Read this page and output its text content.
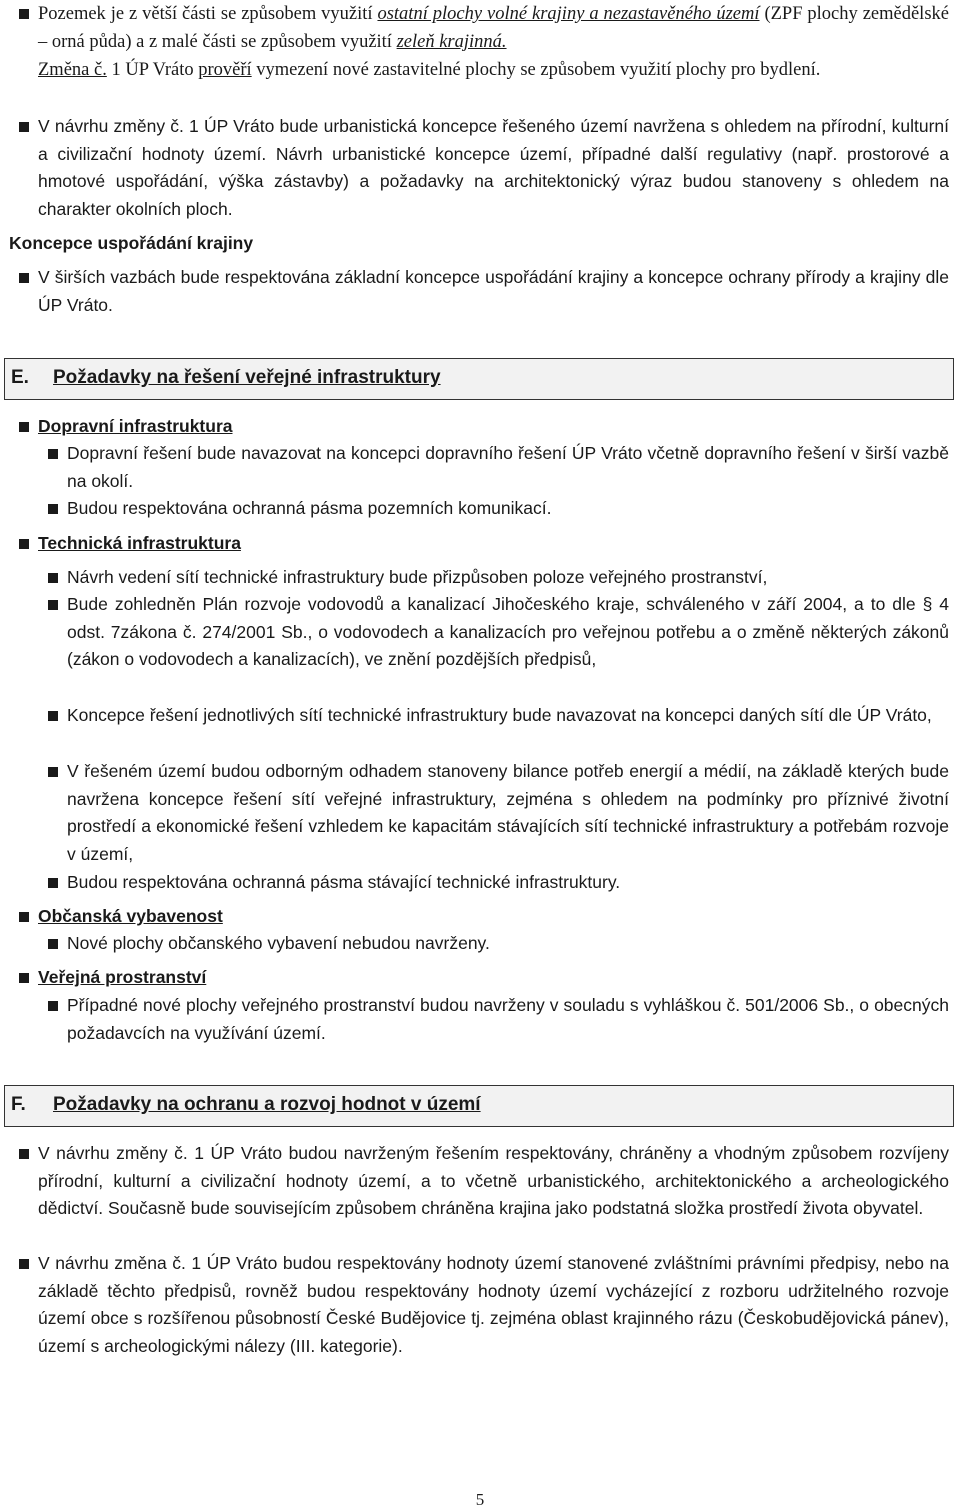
Pozemek je z větší části se způsobem využití ostatní plochy volné krajiny a nezastavěného území (ZPF plochy zemědělské – orná půda) a z malé části se způsobem využití zeleň krajinná.
Změna č. 1 ÚP Vráto prověří vymezení nové zastavitelné plochy se způsobem využití plochy pro bydlení.
V návrhu změny č. 1 ÚP Vráto bude urbanistická koncepce řešeného území navržena s ohledem na přírodní, kulturní a civilizační hodnoty území. Návrh urbanistické koncepce území, případné další regulativy (např. prostorové a hmotové uspořádání, výška zástavby) a požadavky na architektonický výraz budou stanoveny s ohledem na charakter okolních ploch.
Koncepce uspořádání krajiny
V širších vazbách bude respektována základní koncepce uspořádání krajiny a koncepce ochrany přírody a krajiny dle ÚP Vráto.
E. Požadavky na řešení veřejné infrastruktury
Dopravní infrastruktura
Dopravní řešení bude navazovat na koncepci dopravního řešení ÚP Vráto včetně dopravního řešení v širší vazbě na okolí.
Budou respektována ochranná pásma pozemních komunikací.
Technická infrastruktura
Návrh vedení sítí technické infrastruktury bude přizpůsoben poloze veřejného prostranství,
Bude zohledněn Plán rozvoje vodovodů a kanalizací Jihočeského kraje, schváleného v září 2004, a to dle § 4 odst. 7zákona č. 274/2001 Sb., o vodovodech a kanalizacích pro veřejnou potřebu a o změně některých zákonů (zákon o vodovodech a kanalizacích), ve znění pozdějších předpisů,
Koncepce řešení jednotlivých sítí technické infrastruktury bude navazovat na koncepci daných sítí dle ÚP Vráto,
V řešeném území budou odborným odhadem stanoveny bilance potřeb energií a médií, na základě kterých bude navržena koncepce řešení sítí veřejné infrastruktury, zejména s ohledem na podmínky pro příznivé životní prostředí a ekonomické řešení vzhledem ke kapacitám stávajících sítí technické infrastruktury a potřebám rozvoje v území,
Budou respektována ochranná pásma stávající technické infrastruktury.
Občanská vybavenost
Nové plochy občanského vybavení nebudou navrženy.
Veřejná prostranství
Případné nové plochy veřejného prostranství budou navrženy v souladu s vyhláškou č. 501/2006 Sb., o obecných požadavcích na využívání území.
F. Požadavky na ochranu a rozvoj hodnot v území
V návrhu změny č. 1 ÚP Vráto budou navrženým řešením respektovány, chráněny a vhodným způsobem rozvíjeny přírodní, kulturní a civilizační hodnoty území, a to včetně urbanistického, architektonického a archeologického dědictví. Současně bude souvisejícím způsobem chráněna krajina jako podstatná složka prostředí života obyvatel.
V návrhu změna č. 1 ÚP Vráto budou respektovány hodnoty území stanovené zvláštními právními předpisy, nebo na základě těchto předpisů, rovněž budou respektovány hodnoty území vycházející z rozboru udržitelného rozvoje území obce s rozšířenou působností České Budějovice tj. zejména oblast krajinného rázu (Českobudějovická pánev), území s archeologickými nálezy (III. kategorie).
5
